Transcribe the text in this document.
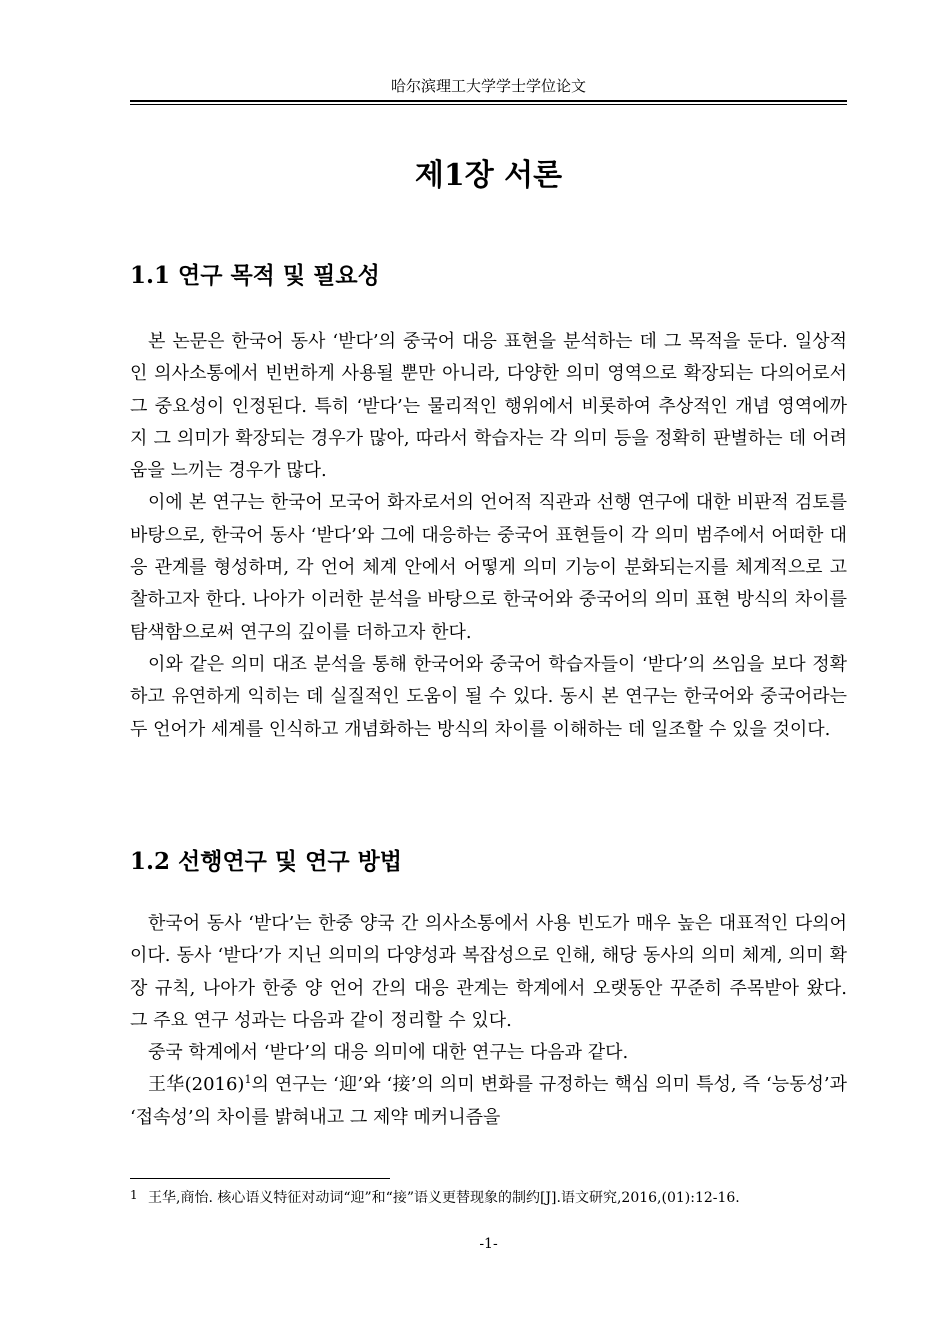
哈尔滨理工大学学士学位论文
제1장 서론
1.1 연구 목적 및 필요성

본 논문은 한국어 동사 ‘받다’의 중국어 대응 표현을 분석하는 데 그 목적을 둔다. 일상적인 의사소통에서 빈번하게 사용될 뿐만 아니라, 다양한 의미 영역으로 확장되는 다의어로서 그 중요성이 인정된다. 특히 ‘받다’는 물리적인 행위에서 비롯하여 추상적인 개념 영역에까지 그 의미가 확장되는 경우가 많아, 따라서 학습자는 각 의미 등을 정확히 판별하는 데 어려움을 느끼는 경우가 많다.

이에 본 연구는 한국어 모국어 화자로서의 언어적 직관과 선행 연구에 대한 비판적 검토를 바탕으로, 한국어 동사 ‘받다’와 그에 대응하는 중국어 표현들이 각 의미 범주에서 어떠한 대응 관계를 형성하며, 각 언어 체계 안에서 어떻게 의미 기능이 분화되는지를 체계적으로 고찰하고자 한다. 나아가 이러한 분석을 바탕으로 한국어와 중국어의 의미 표현 방식의 차이를 탐색함으로써 연구의 깊이를 더하고자 한다.

이와 같은 의미 대조 분석을 통해 한국어와 중국어 학습자들이 ‘받다’의 쓰임을 보다 정확하고 유연하게 익히는 데 실질적인 도움이 될 수 있다. 동시 본 연구는 한국어와 중국어라는 두 언어가 세계를 인식하고 개념화하는 방식의 차이를 이해하는 데 일조할 수 있을 것이다.

1.2 선행연구 및 연구 방법

한국어 동사 ‘받다’는 한중 양국 간 의사소통에서 사용 빈도가 매우 높은 대표적인 다의어이다. 동사 ‘받다’가 지닌 의미의 다양성과 복잡성으로 인해, 해당 동사의 의미 체계, 의미 확장 규칙, 나아가 한중 양 언어 간의 대응 관계는 학계에서 오랫동안 꾸준히 주목받아 왔다. 그 주요 연구 성과는 다음과 같이 정리할 수 있다.

중국 학계에서 ‘받다’의 대응 의미에 대한 연구는 다음과 같다.

王华$(2016)^1$의 연구는 ‘迎’와 ‘接’의 의미 변화를 규정하는 핵심 의미 특성, 즉 ‘능동성’과 ‘접속성’의 차이를 밝혀내고 그 제약 메커니즘을

1 王华,商怡. 核心语义特征对动词“迎”和“接”语义更替现象的制约[J].语文研究,2016,(01):12-16.
-1-
